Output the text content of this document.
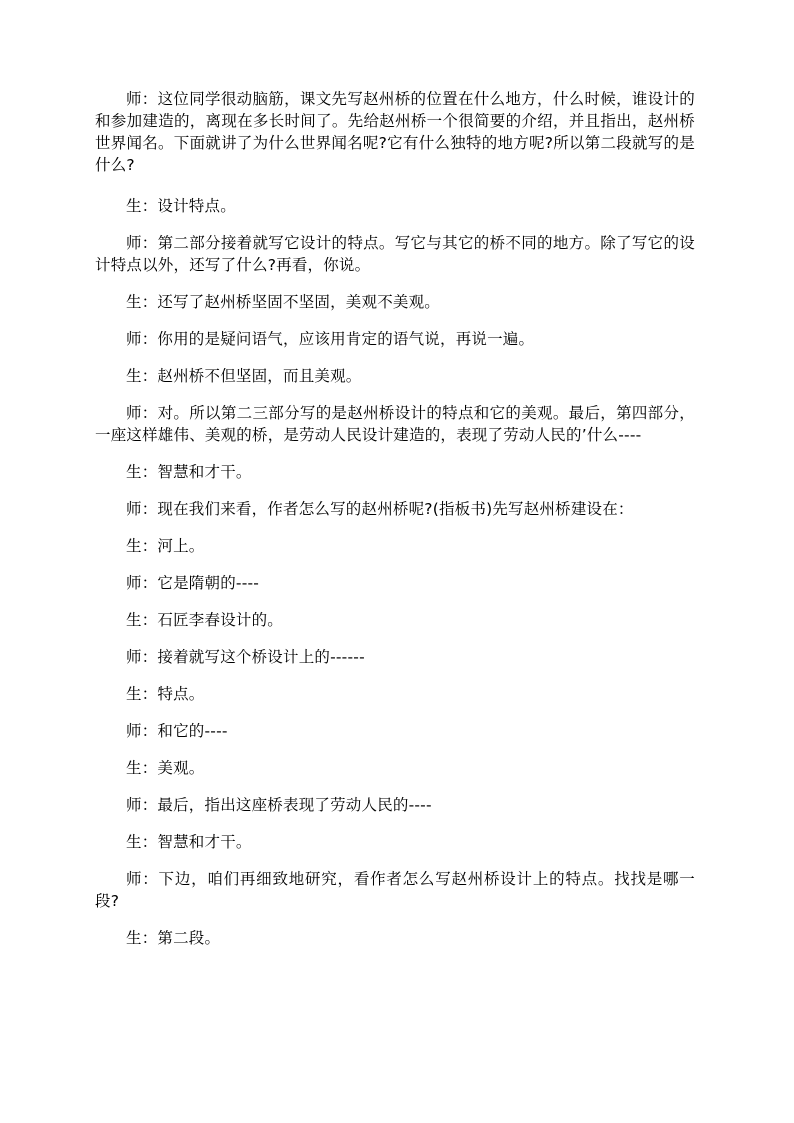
师：这位同学很动脑筋，课文先写赵州桥的位置在什么地方，什么时候，谁设计的和参加建造的，离现在多长时间了。先给赵州桥一个很简要的介绍，并且指出，赵州桥世界闻名。下面就讲了为什么世界闻名呢?它有什么独特的地方呢?所以第二段就写的是什么?

生：设计特点。

师：第二部分接着就写它设计的特点。写它与其它的桥不同的地方。除了写它的设计特点以外，还写了什么?再看，你说。

生：还写了赵州桥坚固不坚固，美观不美观。

师：你用的是疑问语气，应该用肯定的语气说，再说一遍。

生：赵州桥不但坚固，而且美观。

师：对。所以第二三部分写的是赵州桥设计的特点和它的美观。最后，第四部分，一座这样雄伟、美观的桥，是劳动人民设计建造的，表现了劳动人民的’什么----

生：智慧和才干。

师：现在我们来看，作者怎么写的赵州桥呢?(指板书)先写赵州桥建设在：

生：河上。

师：它是隋朝的----

生：石匠李春设计的。

师：接着就写这个桥设计上的------

生：特点。

师：和它的----

生：美观。

师：最后，指出这座桥表现了劳动人民的----

生：智慧和才干。

师：下边，咱们再细致地研究，看作者怎么写赵州桥设计上的特点。找找是哪一段?

生：第二段。
